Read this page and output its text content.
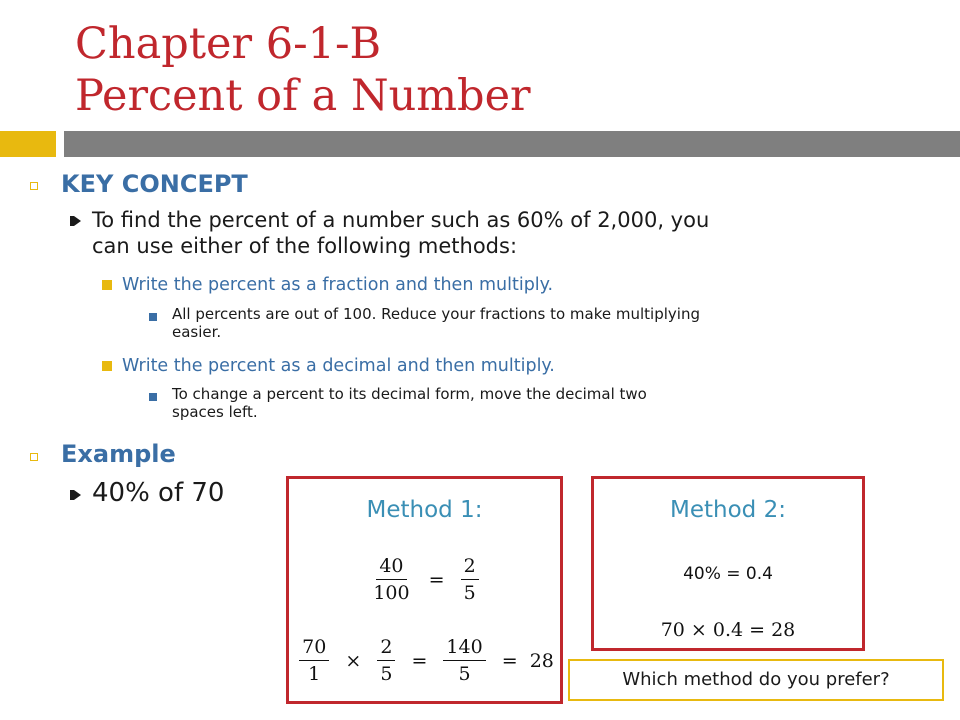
Chapter 6-1-B
Percent of a Number
KEY CONCEPT
To find the percent of a number such as 60% of 2,000, you
can use either of the following methods:
Write the percent as a fraction and then multiply.
All percents are out of 100. Reduce your fractions to make multiplying
easier.
Write the percent as a decimal and then multiply.
To change a percent to its decimal form, move the decimal two
spaces left.
Example
40% of 70
Method 1:
$\frac{40}{100} = \frac{2}{5}$
$\frac{70}{1} \times \frac{2}{5} = \frac{140}{5} = 28$
Method 2:
40% = 0.4
70 × 0.4 = 28
Which method do you prefer?
